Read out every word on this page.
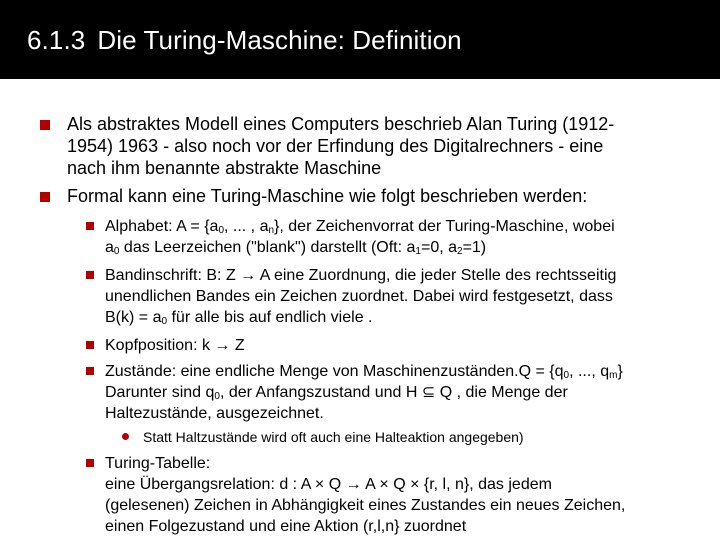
6.1.3 Die Turing-Maschine: Definition
Als abstraktes Modell eines Computers beschrieb Alan Turing (1912-
1954) 1963 - also noch vor der Erfindung des Digitalrechners - eine
nach ihm benannte abstrakte Maschine
Formal kann eine Turing-Maschine wie folgt beschrieben werden:
Alphabet: $A = \{a_0$, ... , $a_n$}, der Zeichenvorrat der Turing-Maschine, wobei
$a_0$ das Leerzeichen ("blank") darstellt (Oft: $a_1=0$, $a_2=1$)
Bandinschrift: B: Z → A eine Zuordnung, die jeder Stelle des rechtsseitig
unendlichen Bandes ein Zeichen zuordnet. Dabei wird festgesetzt, dass
$B(k) = a_0$ für alle bis auf endlich viele .
Kopfposition: k → Z
Zustände: eine endliche Menge von Maschinenzuständen.Q = {$q_0$, ..., $q_m$}
Darunter sind $q_0$, der Anfangszustand und H ⊆ Q , die Menge der
Haltezustände, ausgezeichnet.
Statt Haltzustände wird oft auch eine Halteaktion angegeben)
Turing-Tabelle:
eine Übergangsrelation: d : A × Q → A × Q × {r, l, n}, das jedem
(gelesenen) Zeichen in Abhängigkeit eines Zustandes ein neues Zeichen,
einen Folgezustand und eine Aktion (r,l,n} zuordnet
